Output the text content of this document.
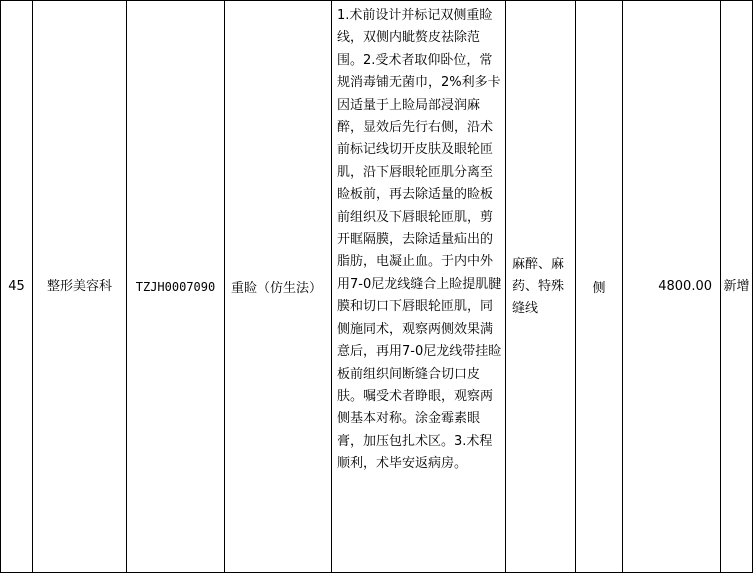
45	整形美容科	TZJH0007090	重睑（仿生法）	1.术前设计并标记双侧重睑线，双侧内眦赘皮祛除范围。2.受术者取仰卧位，常规消毒铺无菌巾，2%利多卡因适量于上睑局部浸润麻醉，显效后先行右侧，沿术前标记线切开皮肤及眼轮匝肌，沿下唇眼轮匝肌分离至睑板前，再去除适量的睑板前组织及下唇眼轮匝肌，剪开眶隔膜，去除适量疝出的脂肪，电凝止血。于内中外用7-0尼龙线缝合上睑提肌腱膜和切口下唇眼轮匝肌，同侧施同术，观察两侧效果满意后，再用7-0尼龙线带挂睑板前组织间断缝合切口皮肤。嘱受术者睁眼，观察两侧基本对称。涂金霉素眼膏，加压包扎术区。3.术程顺利，术毕安返病房。	麻醉、麻药、特殊缝线	侧	4800.00	新增
